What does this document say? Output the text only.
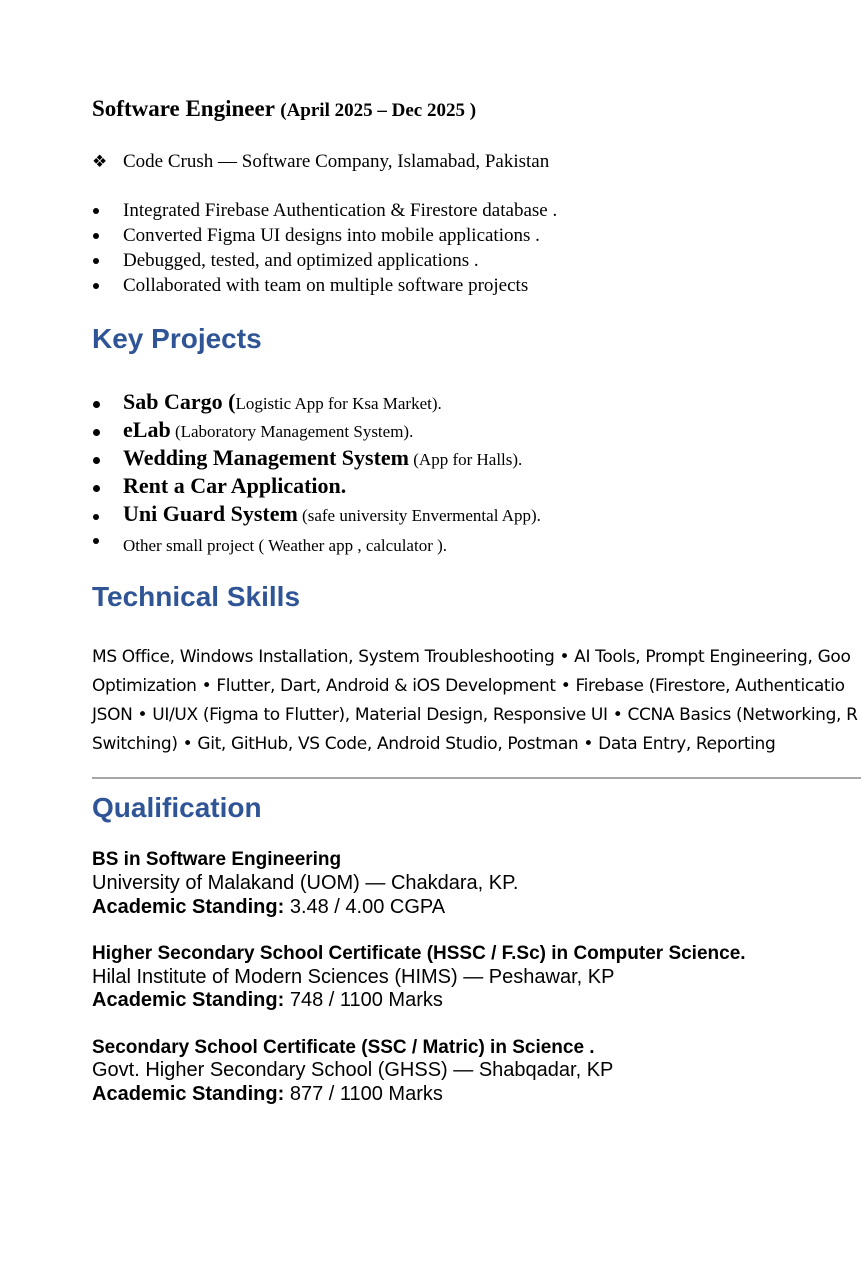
Software Engineer (April 2025 – Dec 2025 )
❖ Code Crush — Software Company, Islamabad, Pakistan
Integrated Firebase Authentication & Firestore database .
Converted Figma UI designs into mobile applications .
Debugged, tested, and optimized applications .
Collaborated with team on multiple software projects
Key Projects
Sab Cargo (Logistic App for Ksa Market).
eLab (Laboratory Management System).
Wedding Management System (App for Halls).
Rent a Car Application.
Uni Guard System (safe university Envermental App).
Other small project ( Weather app , calculator ).
Technical Skills
MS Office, Windows Installation, System Troubleshooting • AI Tools, Prompt Engineering, Goo
Optimization • Flutter, Dart, Android & iOS Development • Firebase (Firestore, Authenticatio
JSON • UI/UX (Figma to Flutter), Material Design, Responsive UI • CCNA Basics (Networking, R
Switching) • Git, GitHub, VS Code, Android Studio, Postman • Data Entry, Reporting
Qualification
BS in Software Engineering
University of Malakand (UOM) — Chakdara, KP.
Academic Standing: 3.48 / 4.00 CGPA
Higher Secondary School Certificate (HSSC / F.Sc) in Computer Science.
Hilal Institute of Modern Sciences (HIMS) — Peshawar, KP
Academic Standing: 748 / 1100 Marks
Secondary School Certificate (SSC / Matric) in Science .
Govt. Higher Secondary School (GHSS) — Shabqadar, KP
Academic Standing: 877 / 1100 Marks
